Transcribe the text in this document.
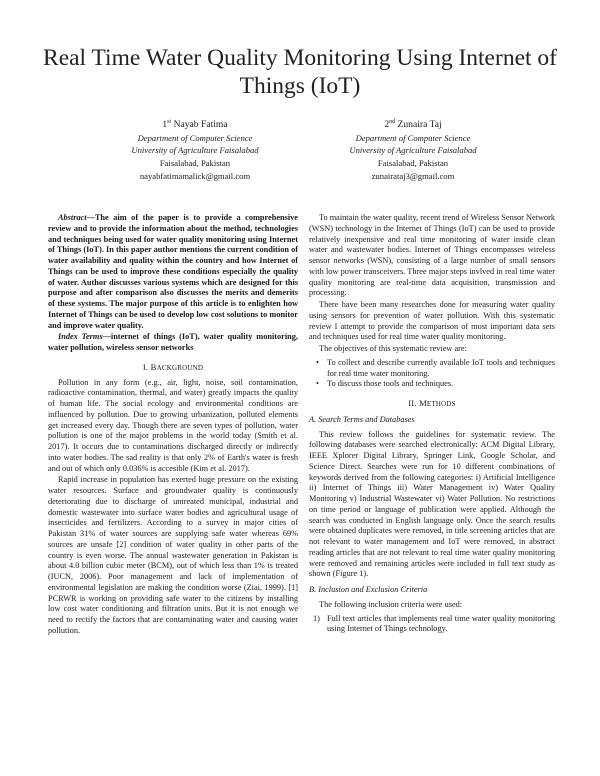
Real Time Water Quality Monitoring Using Internet of Things (IoT)
1st Nayab Fatima
Department of Computer Science
University of Agriculture Faisalabad
Faisalabad, Pakistan
nayabfatimamalick@gmail.com
2nd Zunaira Taj
Department of Computer Science
University of Agriculture Faisalabad
Faisalabad, Pakistan
zunairataj3@gmail.com

Abstract—The aim of the paper is to provide a comprehensive review and to provide the information about the method, technologies and techniques being used for water quality monitoring using Internet of Things (IoT). In this paper author mentions the current condition of water availability and quality within the country and how Internet of Things can be used to improve these conditions especially the quality of water. Author discusses various systems which are designed for this purpose and after comparison also discusses the merits and demerits of these systems. The major purpose of this article is to enlighten how Internet of Things can be used to develop low cost solutions to monitor and improve water quality.

Index Terms—internet of things (IoT), water quality monitoring, water pollution, wireless sensor networks

I. BACKGROUND

Pollution in any form (e.g., air, light, noise, soil contamination, radioactive contamination, thermal, and water) greatly impacts the quality of human life. The social ecology and environmental conditions are influenced by pollution. Due to growing urbanization, polluted elements get increased every day. Though there are seven types of pollution, water pollution is one of the major problems in the world today (Smith et al. 2017). It occurs due to contaminations discharged directly or indirectly into water bodies. The sad reality is that only 2% of Earth's water is fresh and out of which only 0.036% is accesible (Kim et al. 2017).

Rapid increase in population has exerted huge pressure on the existing water resources. Surface and groundwater quality is continuously deteriorating due to discharge of untreated municipal, industrial and domestic wastewater into surface water bodies and agricultural usage of insecticides and fertilizers. According to a survey in major cities of Pakistan 31% of water sources are supplying safe water whereas 69% sources are unsafe [2] condition of water quality in other parts of the country is even worse. The annual wastewater generation in Pakistan is about 4.0 billion cubic meter (BCM), out of which less than 1% is treated (IUCN, 2006). Poor management and lack of implementation of environmental legislation are making the condition worse (Ziai, 1999). [1] PCRWR is working on providing safe water to the citizens by installing low cost water conditioning and filtration units. But it is not enough we need to rectify the factors that are contaminating water and causing water pollution.

To maintain the water quality, recent trend of Wireless Sensor Network (WSN) technology in the Internet of Things (IoT) can be used to provide relatively inexpensive and real time monitoring of water inside clean water and wastewater bodies. Internet of Things encompasses wireless sensor networks (WSN), consisting of a large number of small sensors with low power transceivers. Three major steps invlved in real time water quality monitoring are real-time data acquisition, transmission and processing.

There have been many researches done for measuring water quality using sensors for prevention of water pollution. With this systematic review I attempt to provide the comparison of most important data sets and techniques used for real time water quality monitoring.

The objectives of this systematic review are:

• To collect and describe currently available IoT tools and techniques for real time water monitoring.
• To discuss those tools and techniques.
II. METHODS
A. Search Terms and Databases

This review follows the guidelines for systematic review. The following databases were searched electronically: ACM Digital Library, IEEE Xplorer Digital Library, Springer Link, Google Scholar, and Science Direct. Searches were run for 10 different combinations of keywords derived from the following categories: i) Artificial Intelligence ii) Internet of Things iii) Water Management iv) Water Quality Monitoring v) Industrial Wastewater vi) Water Pollution. No restrictions on time period or language of publication were applied. Although the search was conducted in English language only. Once the search results were obtained duplicates were removed, in title screening articles that are not relevant to water management and IoT were removed, in abstract reading articles that are not relevant to real time water quality monitoring were removed and remaining articles were included in full text study as shown (Figure 1).

B. Inclusion and Exclusion Criteria

The following inclusion criteria were used:

1) Full text articles that implements real time water quality monitoring using Internet of Things technology.
